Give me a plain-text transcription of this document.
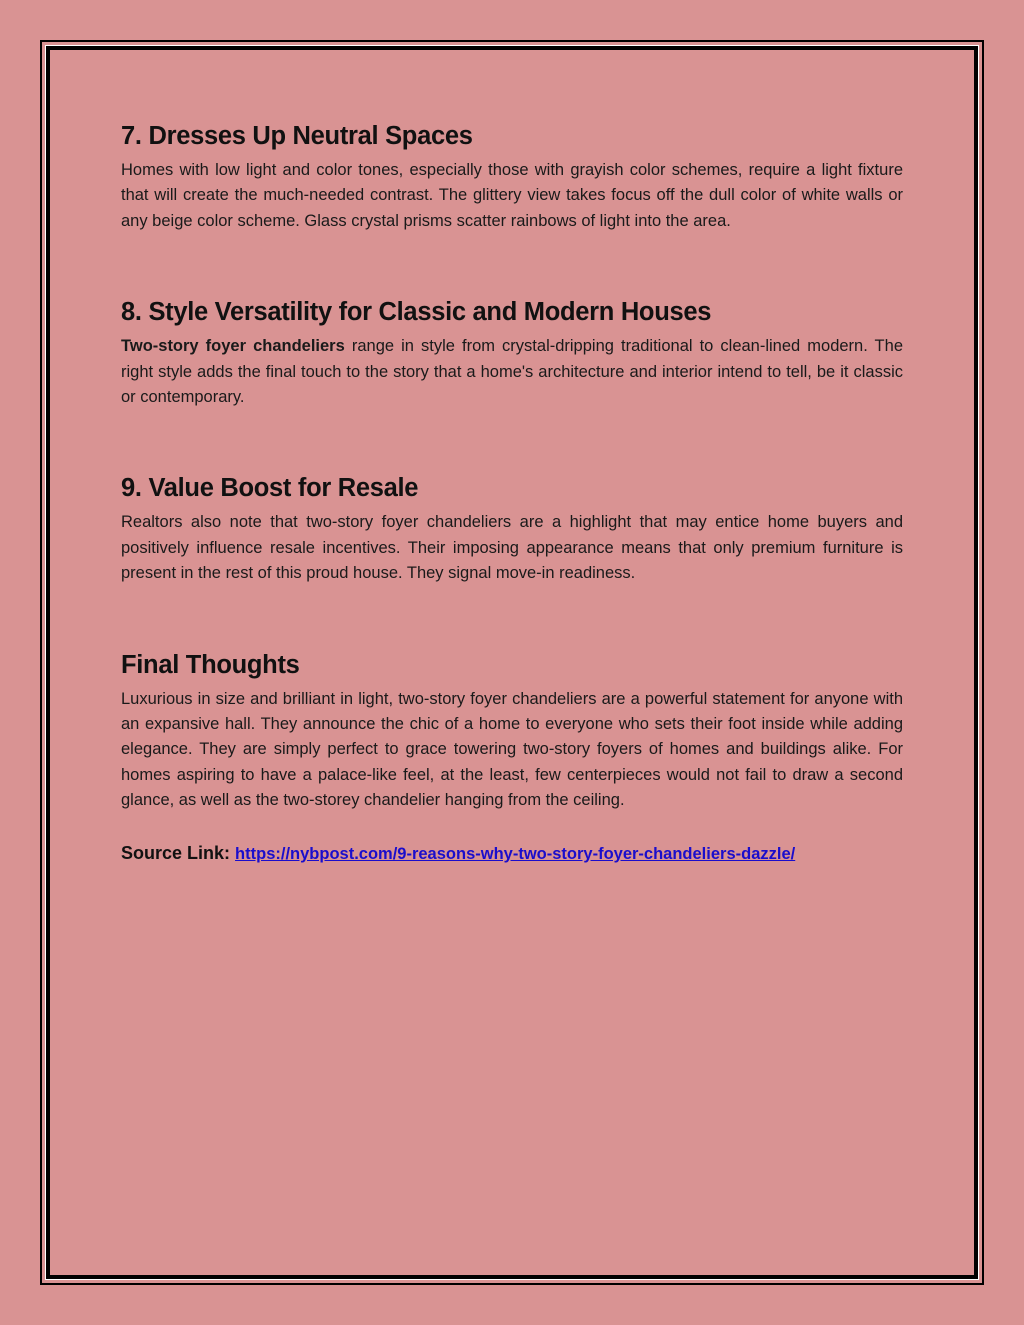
7. Dresses Up Neutral Spaces

Homes with low light and color tones, especially those with grayish color schemes, require a light fixture that will create the much-needed contrast. The glittery view takes focus off the dull color of white walls or any beige color scheme. Glass crystal prisms scatter rainbows of light into the area.

8. Style Versatility for Classic and Modern Houses

Two-story foyer chandeliers range in style from crystal-dripping traditional to clean-lined modern. The right style adds the final touch to the story that a home's architecture and interior intend to tell, be it classic or contemporary.

9. Value Boost for Resale

Realtors also note that two-story foyer chandeliers are a highlight that may entice home buyers and positively influence resale incentives. Their imposing appearance means that only premium furniture is present in the rest of this proud house. They signal move-in readiness.

Final Thoughts

Luxurious in size and brilliant in light, two-story foyer chandeliers are a powerful statement for anyone with an expansive hall. They announce the chic of a home to everyone who sets their foot inside while adding elegance. They are simply perfect to grace towering two-story foyers of homes and buildings alike. For homes aspiring to have a palace-like feel, at the least, few centerpieces would not fail to draw a second glance, as well as the two-storey chandelier hanging from the ceiling.

Source Link: https://nybpost.com/9-reasons-why-two-story-foyer-chandeliers-dazzle/
